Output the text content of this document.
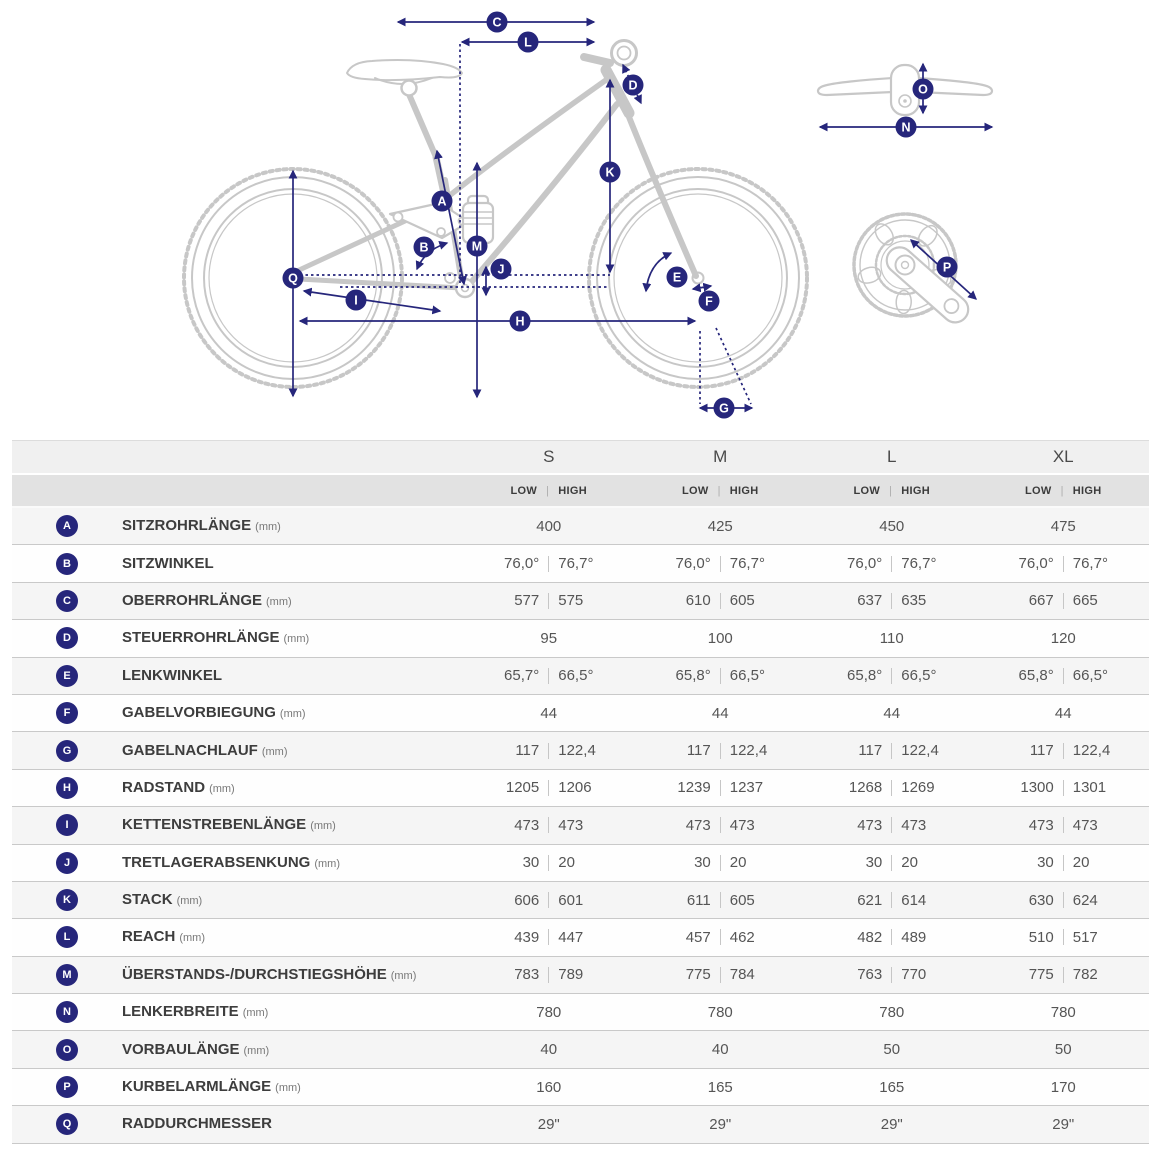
C
L
D
K
A
B	M
J
Q
I
H
E
F
G
O
N
P
S	M	L	XL
LOW | HIGH	LOW | HIGH	LOW | HIGH	LOW | HIGH
A	SITZROHRLÄNGE (mm)	400	425	450	475
B	SITZWINKEL	76,0°	76,7°	76,0°	76,7°	76,0°	76,7°	76,0°	76,7°
C	OBERROHRLÄNGE (mm)	577	575	610	605	637	635	667	665
D	STEUERROHRLÄNGE (mm)	95	100	110	120
E	LENKWINKEL	65,7°	66,5°	65,8°	66,5°	65,8°	66,5°	65,8°	66,5°
F	GABELVORBIEGUNG (mm)	44	44	44	44
G	GABELNACHLAUF (mm)	117	122,4	117	122,4	117	122,4	117	122,4
H	RADSTAND (mm)	1205	1206	1239	1237	1268	1269	1300	1301
I	KETTENSTREBENLÄNGE (mm)	473	473	473	473	473	473	473	473
J	TRETLAGERABSENKUNG (mm)	30	20	30	20	30	20	30	20
K	STACK (mm)	606	601	611	605	621	614	630	624
L	REACH (mm)	439	447	457	462	482	489	510	517
M	ÜBERSTANDS-/DURCHSTIEGSHÖHE (mm)	783	789	775	784	763	770	775	782
N	LENKERBREITE (mm)	780	780	780	780
O	VORBAULÄNGE (mm)	40	40	50	50
P	KURBELARMLÄNGE (mm)	160	165	165	170
Q	RADDURCHMESSER	29"	29"	29"	29"
